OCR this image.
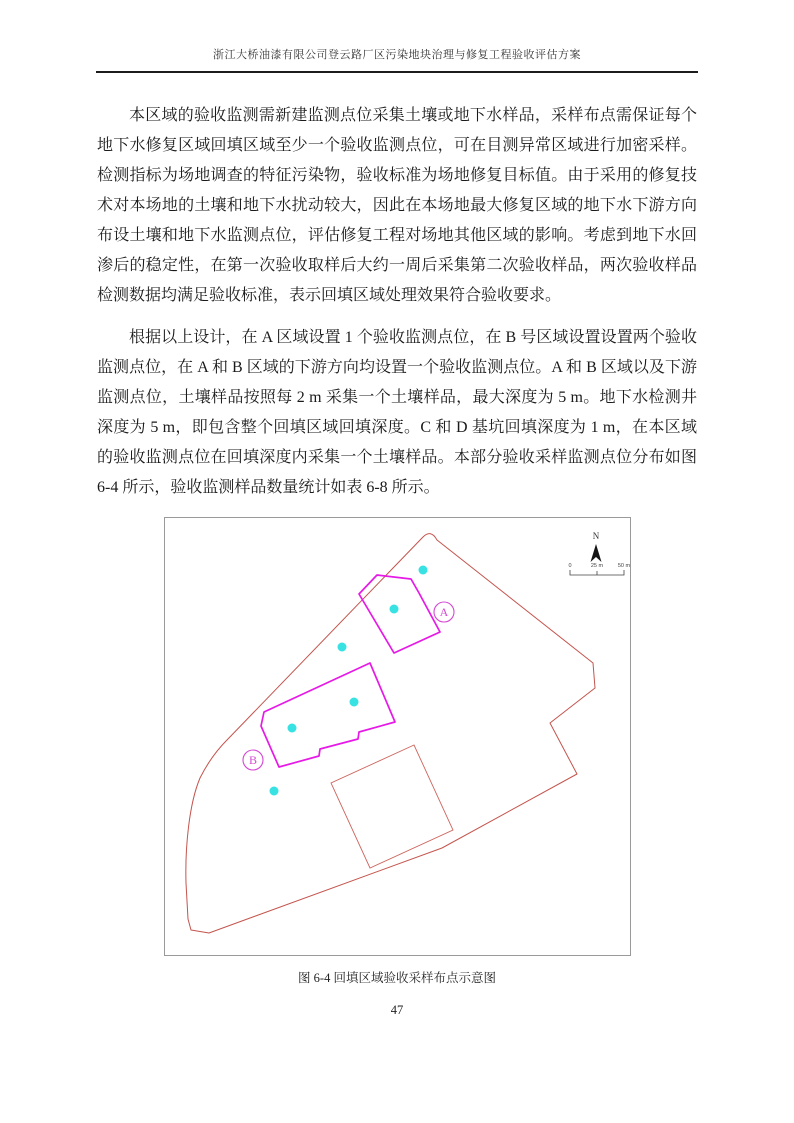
浙江大桥油漆有限公司登云路厂区污染地块治理与修复工程验收评估方案

本区域的验收监测需新建监测点位采集土壤或地下水样品，采样布点需保证每个地下水修复区域回填区域至少一个验收监测点位，可在目测异常区域进行加密采样。检测指标为场地调查的特征污染物，验收标准为场地修复目标值。由于采用的修复技术对本场地的土壤和地下水扰动较大，因此在本场地最大修复区域的地下水下游方向布设土壤和地下水监测点位，评估修复工程对场地其他区域的影响。考虑到地下水回渗后的稳定性，在第一次验收取样后大约一周后采集第二次验收样品，两次验收样品检测数据均满足验收标准，表示回填区域处理效果符合验收要求。

根据以上设计，在 A 区域设置 1 个验收监测点位，在 B 号区域设置设置两个验收监测点位，在 A 和 B 区域的下游方向均设置一个验收监测点位。A 和 B 区域以及下游监测点位，土壤样品按照每 2 m 采集一个土壤样品，最大深度为 5 m。地下水检测井深度为 5 m，即包含整个回填区域回填深度。C 和 D 基坑回填深度为 1 m，在本区域的验收监测点位在回填深度内采集一个土壤样品。本部分验收采样监测点位分布如图 6-4 所示，验收监测样品数量统计如表 6-8 所示。

A
B
N
0	25 m	50 m
图 6-4 回填区域验收采样布点示意图
47
